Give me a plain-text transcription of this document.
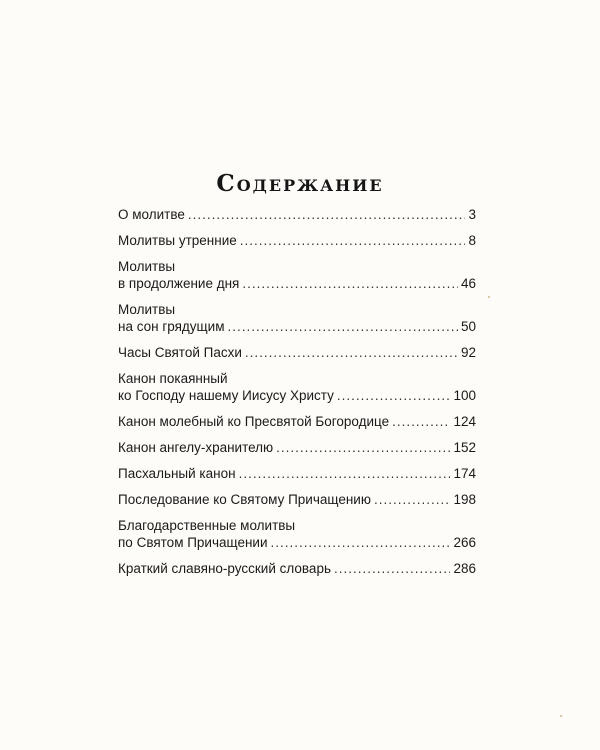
Содержание
О молитве .....	3
Молитвы утренние .....	8
Молитвы
в продолжение дня .....	46
Молитвы
на сон грядущим .....	50
Часы Святой Пасхи .....	92
Канон покаянный
ко Господу нашему Иисусу Христу .....	100
Канон молебный ко Пресвятой Богородице .....	124
Канон ангелу-хранителю .....	152
Пасхальный канон .....	174
Последование ко Святому Причащению .....	198
Благодарственные молитвы
по Святом Причащении .....	266
Краткий славяно-русский словарь .....	286
